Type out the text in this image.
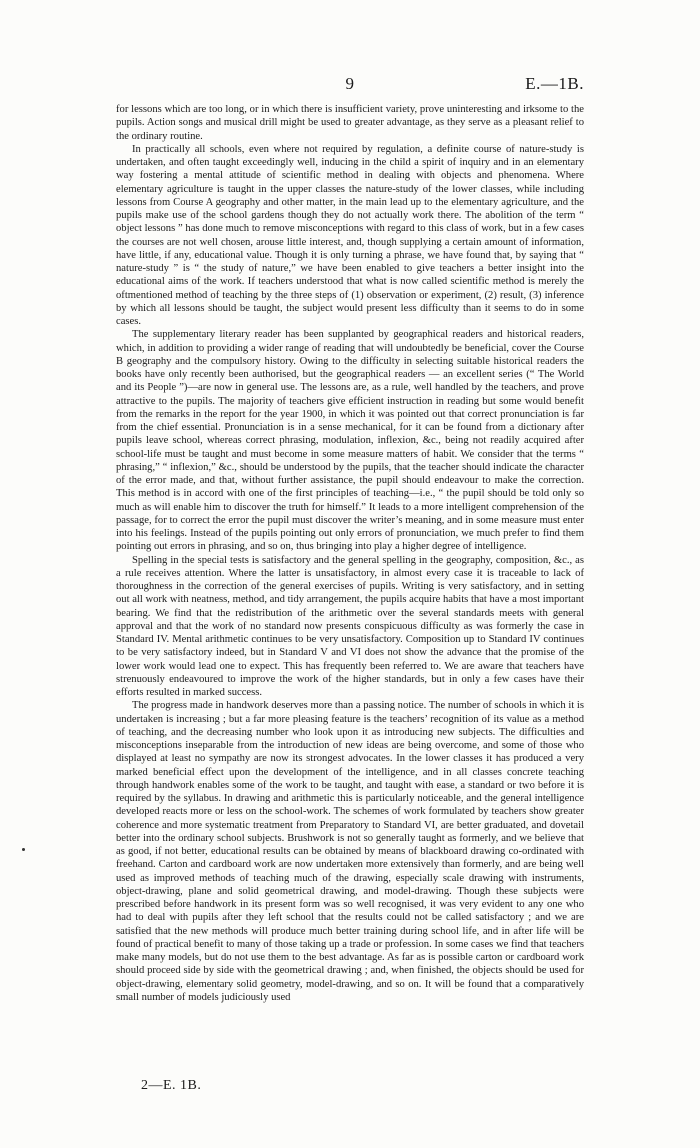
9	E.—1B.

for lessons which are too long, or in which there is insufficient variety, prove uninteresting and irksome to the pupils. Action songs and musical drill might be used to greater advantage, as they serve as a pleasant relief to the ordinary routine.

In practically all schools, even where not required by regulation, a definite course of nature-study is undertaken, and often taught exceedingly well, inducing in the child a spirit of inquiry and in an elementary way fostering a mental attitude of scientific method in dealing with objects and phenomena. Where elementary agriculture is taught in the upper classes the nature-study of the lower classes, while including lessons from Course A geography and other matter, in the main lead up to the elementary agriculture, and the pupils make use of the school gardens though they do not actually work there. The abolition of the term “ object lessons ” has done much to remove misconceptions with regard to this class of work, but in a few cases the courses are not well chosen, arouse little interest, and, though supplying a certain amount of information, have little, if any, educational value. Though it is only turning a phrase, we have found that, by saying that “ nature-study ” is “ the study of nature,” we have been enabled to give teachers a better insight into the educational aims of the work. If teachers understood that what is now called scientific method is merely the oftmentioned method of teaching by the three steps of (1) observation or experiment, (2) result, (3) inference by which all lessons should be taught, the subject would present less difficulty than it seems to do in some cases.

The supplementary literary reader has been supplanted by geographical readers and historical readers, which, in addition to providing a wider range of reading that will undoubtedly be beneficial, cover the Course B geography and the compulsory history. Owing to the difficulty in selecting suitable historical readers the books have only recently been authorised, but the geographical readers — an excellent series (“ The World and its People ”)—are now in general use. The lessons are, as a rule, well handled by the teachers, and prove attractive to the pupils. The majority of teachers give efficient instruction in reading but some would benefit from the remarks in the report for the year 1900, in which it was pointed out that correct pronunciation is far from the chief essential. Pronunciation is in a sense mechanical, for it can be found from a dictionary after pupils leave school, whereas correct phrasing, modulation, inflexion, &c., being not readily acquired after school-life must be taught and must become in some measure matters of habit. We consider that the terms “ phrasing,” “ inflexion,” &c., should be understood by the pupils, that the teacher should indicate the character of the error made, and that, without further assistance, the pupil should endeavour to make the correction. This method is in accord with one of the first principles of teaching—i.e., “ the pupil should be told only so much as will enable him to discover the truth for himself.” It leads to a more intelligent comprehension of the passage, for to correct the error the pupil must discover the writer’s meaning, and in some measure must enter into his feelings. Instead of the pupils pointing out only errors of pronunciation, we much prefer to find them pointing out errors in phrasing, and so on, thus bringing into play a higher degree of intelligence.

Spelling in the special tests is satisfactory and the general spelling in the geography, composition, &c., as a rule receives attention. Where the latter is unsatisfactory, in almost every case it is traceable to lack of thoroughness in the correction of the general exercises of pupils. Writing is very satisfactory, and in setting out all work with neatness, method, and tidy arrangement, the pupils acquire habits that have a most important bearing. We find that the redistribution of the arithmetic over the several standards meets with general approval and that the work of no standard now presents conspicuous difficulty as was formerly the case in Standard IV. Mental arithmetic continues to be very unsatisfactory. Composition up to Standard IV continues to be very satisfactory indeed, but in Standard V and VI does not show the advance that the promise of the lower work would lead one to expect. This has frequently been referred to. We are aware that teachers have strenuously endeavoured to improve the work of the higher standards, but in only a few cases have their efforts resulted in marked success.

The progress made in handwork deserves more than a passing notice. The number of schools in which it is undertaken is increasing ; but a far more pleasing feature is the teachers’ recognition of its value as a method of teaching, and the decreasing number who look upon it as introducing new subjects. The difficulties and misconceptions inseparable from the introduction of new ideas are being overcome, and some of those who displayed at least no sympathy are now its strongest advocates. In the lower classes it has produced a very marked beneficial effect upon the development of the intelligence, and in all classes concrete teaching through handwork enables some of the work to be taught, and taught with ease, a standard or two before it is required by the syllabus. In drawing and arithmetic this is particularly noticeable, and the general intelligence developed reacts more or less on the school-work. The schemes of work formulated by teachers show greater coherence and more systematic treatment from Preparatory to Standard VI, are better graduated, and dovetail better into the ordinary school subjects. Brushwork is not so generally taught as formerly, and we believe that as good, if not better, educational results can be obtained by means of blackboard drawing co-ordinated with freehand. Carton and cardboard work are now undertaken more extensively than formerly, and are being well used as improved methods of teaching much of the drawing, especially scale drawing with instruments, object-drawing, plane and solid geometrical drawing, and model-drawing. Though these subjects were prescribed before handwork in its present form was so well recognised, it was very evident to any one who had to deal with pupils after they left school that the results could not be called satisfactory ; and we are satisfied that the new methods will produce much better training during school life, and in after life will be found of practical benefit to many of those taking up a trade or profession. In some cases we find that teachers make many models, but do not use them to the best advantage. As far as is possible carton or cardboard work should proceed side by side with the geometrical drawing ; and, when finished, the objects should be used for object-drawing, elementary solid geometry, model-drawing, and so on. It will be found that a comparatively small number of models judiciously used

2—E. 1B.
